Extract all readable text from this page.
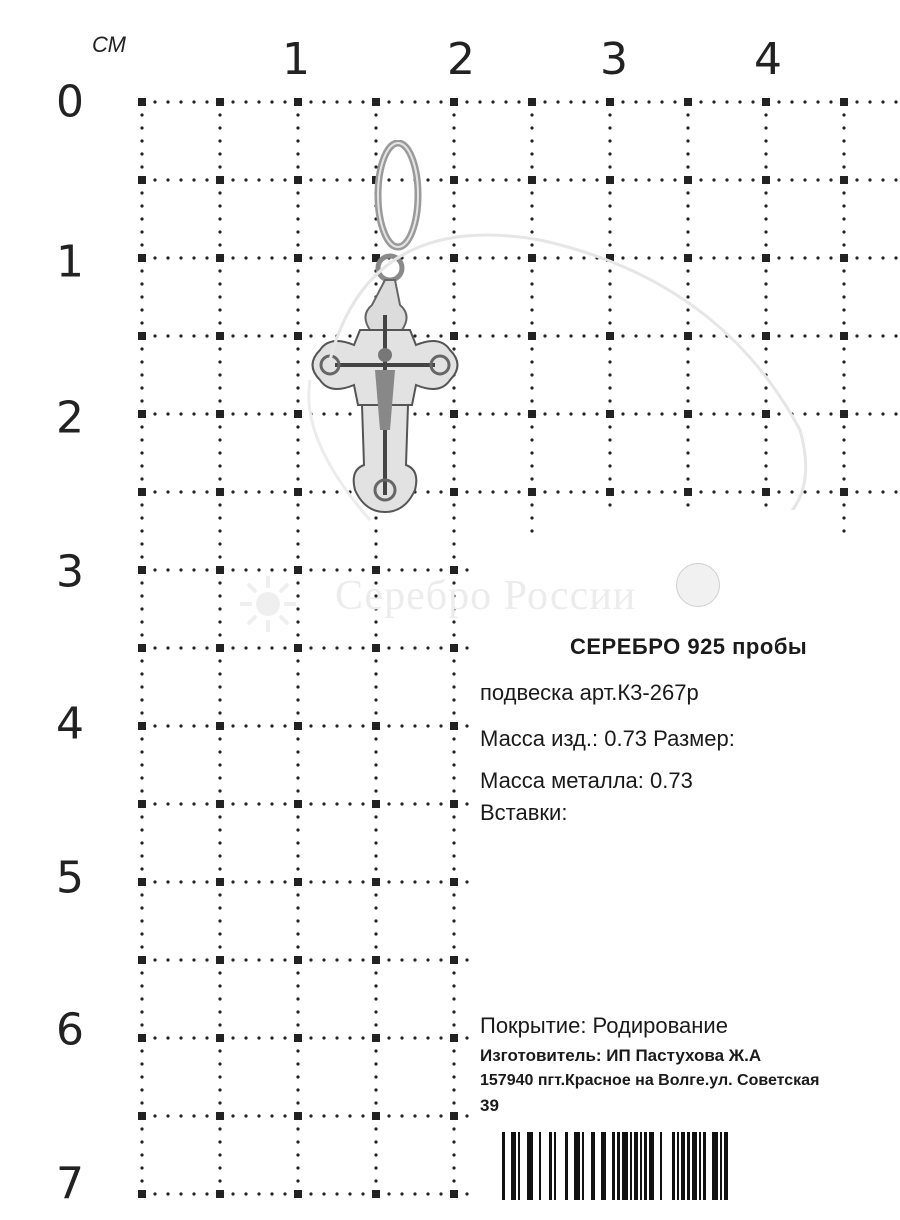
СМ	1	2	3	4
0
1
2
3
4
5
6
7
Серебро России
СЕРЕБРО 925 пробы
подвеска арт.К3-267р
Масса изд.: 0.73 Размер:
Масса металла: 0.73
Вставки:
Покрытие: Родирование
Изготовитель: ИП Пастухова Ж.А
157940 пгт.Красное на Волге.ул. Советская
39
